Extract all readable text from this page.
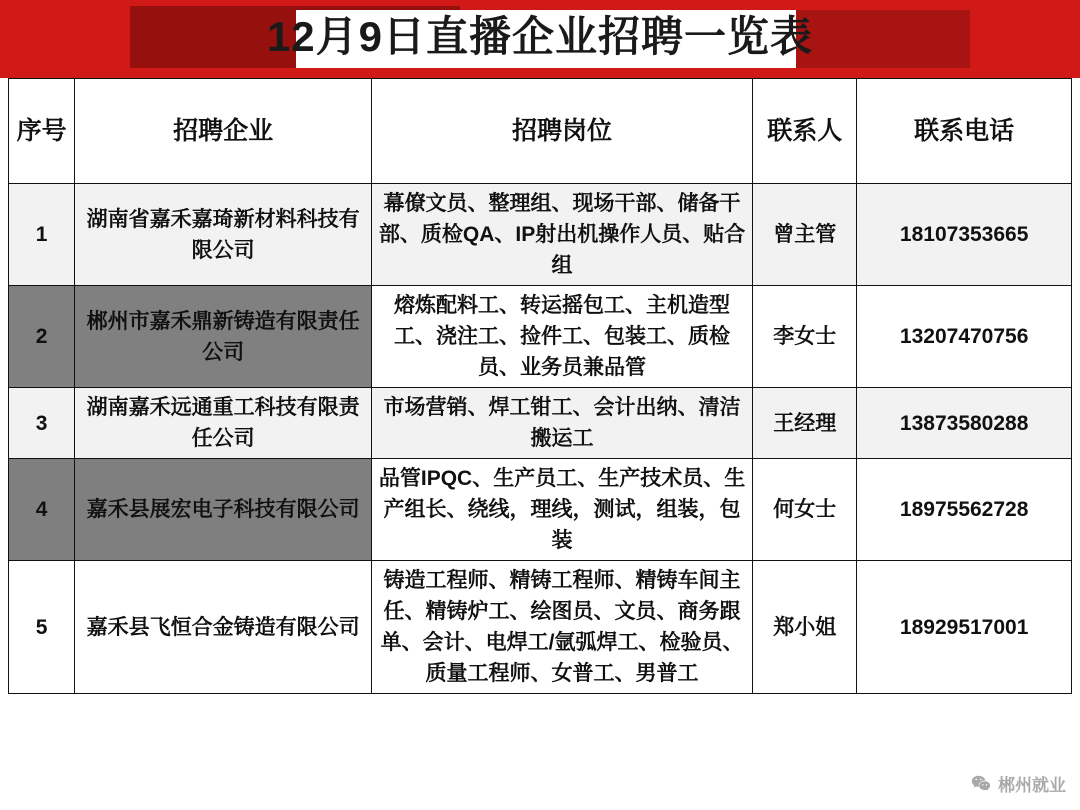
12月9日直播企业招聘一览表
序号	招聘企业	招聘岗位	联系人	联系电话
1	湖南省嘉禾嘉琦新材料科技有限公司	幕僚文员、整理组、现场干部、储备干部、质检QA、IP射出机操作人员、贴合组	曾主管	18107353665
2	郴州市嘉禾鼎新铸造有限责任公司	熔炼配料工、转运摇包工、主机造型工、浇注工、捡件工、包装工、质检员、业务员兼品管	李女士	13207470756
3	湖南嘉禾远通重工科技有限责任公司	市场营销、焊工钳工、会计出纳、清洁搬运工	王经理	13873580288
4	嘉禾县展宏电子科技有限公司	品管IPQC、生产员工、生产技术员、生产组长、绕线，理线，测试，组装，包装	何女士	18975562728
5	嘉禾县飞恒合金铸造有限公司	铸造工程师、精铸工程师、精铸车间主任、精铸炉工、绘图员、文员、商务跟单、会计、电焊工/氩弧焊工、检验员、质量工程师、女普工、男普工	郑小姐	18929517001
郴州就业
